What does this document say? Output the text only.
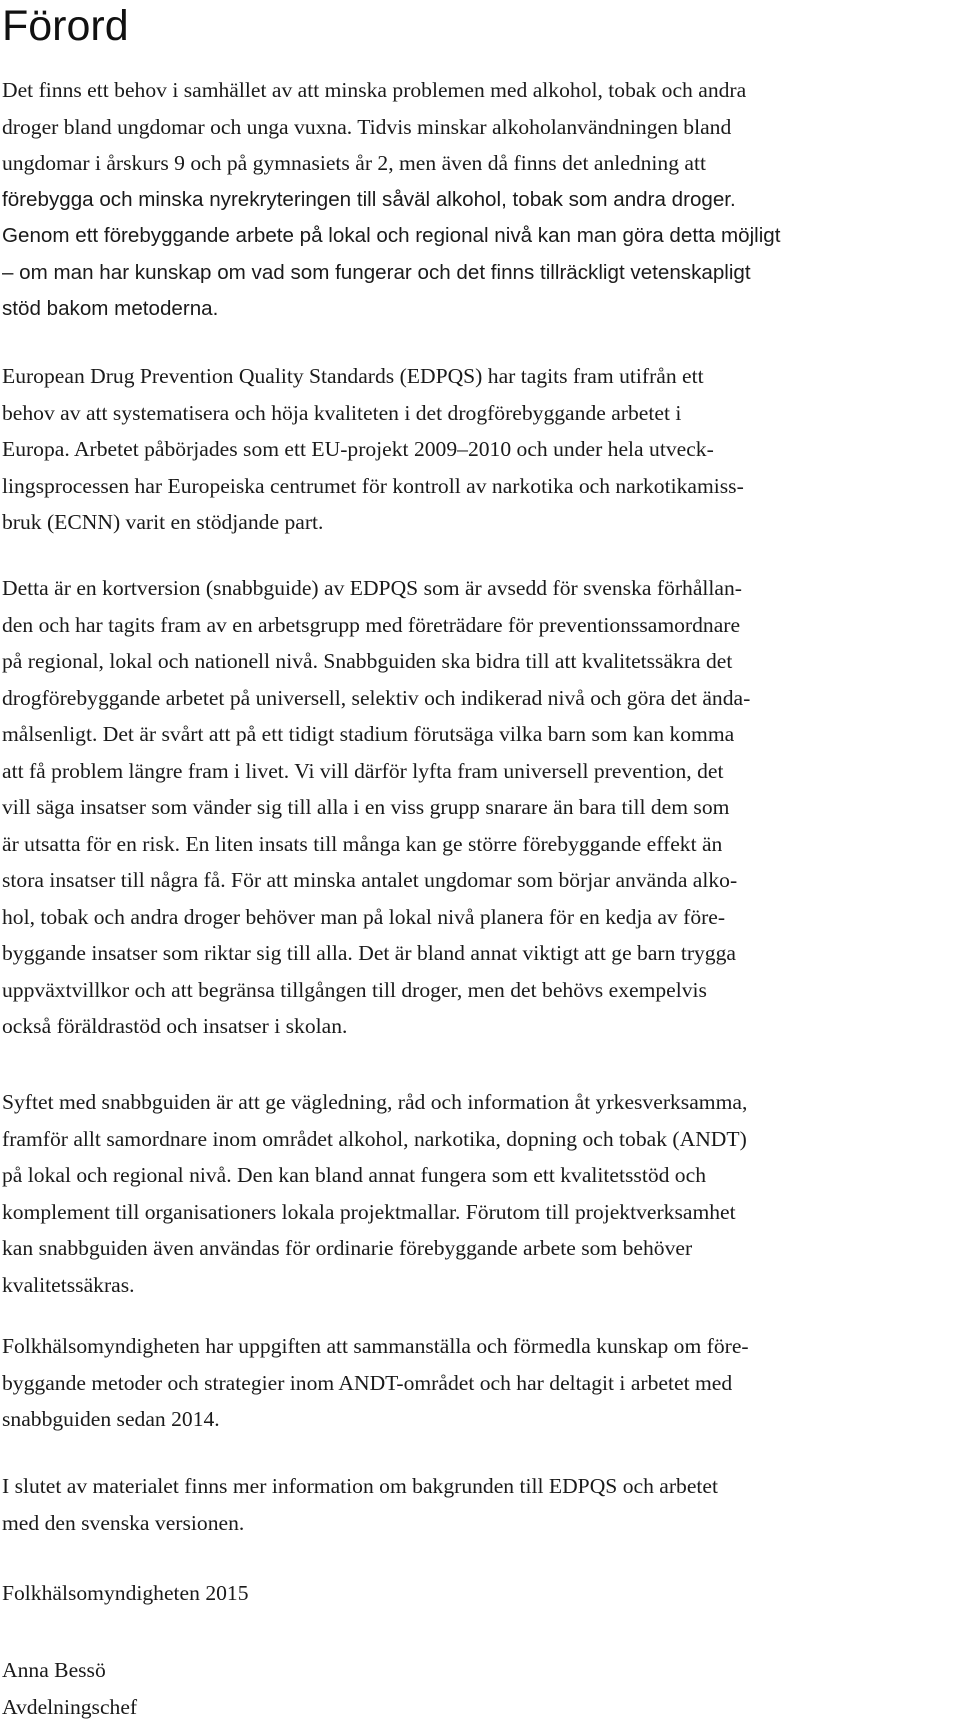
Förord

Det finns ett behov i samhället av att minska problemen med alkohol, tobak och andra
droger bland ungdomar och unga vuxna. Tidvis minskar alkoholanvändningen bland
ungdomar i årskurs 9 och på gymnasiets år 2, men även då finns det anledning att
förebygga och minska nyrekryteringen till såväl alkohol, tobak som andra droger.
Genom ett förebyggande arbete på lokal och regional nivå kan man göra detta möjligt
– om man har kunskap om vad som fungerar och det finns tillräckligt vetenskapligt
stöd bakom metoderna.

European Drug Prevention Quality Standards (EDPQS) har tagits fram utifrån ett
behov av att systematisera och höja kvaliteten i det drogförebyggande arbetet i
Europa. Arbetet påbörjades som ett EU-projekt 2009–2010 och under hela utveck-
lingsprocessen har Europeiska centrumet för kontroll av narkotika och narkotikamiss-
bruk (ECNN) varit en stödjande part.

Detta är en kortversion (snabbguide) av EDPQS som är avsedd för svenska förhållan-
den och har tagits fram av en arbetsgrupp med företrädare för preventionssamordnare
på regional, lokal och nationell nivå. Snabbguiden ska bidra till att kvalitetssäkra det
drogförebyggande arbetet på universell, selektiv och indikerad nivå och göra det ända-
målsenligt. Det är svårt att på ett tidigt stadium förutsäga vilka barn som kan komma
att få problem längre fram i livet. Vi vill därför lyfta fram universell prevention, det
vill säga insatser som vänder sig till alla i en viss grupp snarare än bara till dem som
är utsatta för en risk. En liten insats till många kan ge större förebyggande effekt än
stora insatser till några få. För att minska antalet ungdomar som börjar använda alko-
hol, tobak och andra droger behöver man på lokal nivå planera för en kedja av före-
byggande insatser som riktar sig till alla. Det är bland annat viktigt att ge barn trygga
uppväxtvillkor och att begränsa tillgången till droger, men det behövs exempelvis
också föräldrastöd och insatser i skolan.

Syftet med snabbguiden är att ge vägledning, råd och information åt yrkesverksamma,
framför allt samordnare inom området alkohol, narkotika, dopning och tobak (ANDT)
på lokal och regional nivå. Den kan bland annat fungera som ett kvalitetsstöd och
komplement till organisationers lokala projektmallar. Förutom till projektverksamhet
kan snabbguiden även användas för ordinarie förebyggande arbete som behöver
kvalitetssäkras.

Folkhälsomyndigheten har uppgiften att sammanställa och förmedla kunskap om före-
byggande metoder och strategier inom ANDT-området och har deltagit i arbetet med
snabbguiden sedan 2014.

I slutet av materialet finns mer information om bakgrunden till EDPQS och arbetet
med den svenska versionen.

Folkhälsomyndigheten 2015

Anna Bessö
Avdelningschef
